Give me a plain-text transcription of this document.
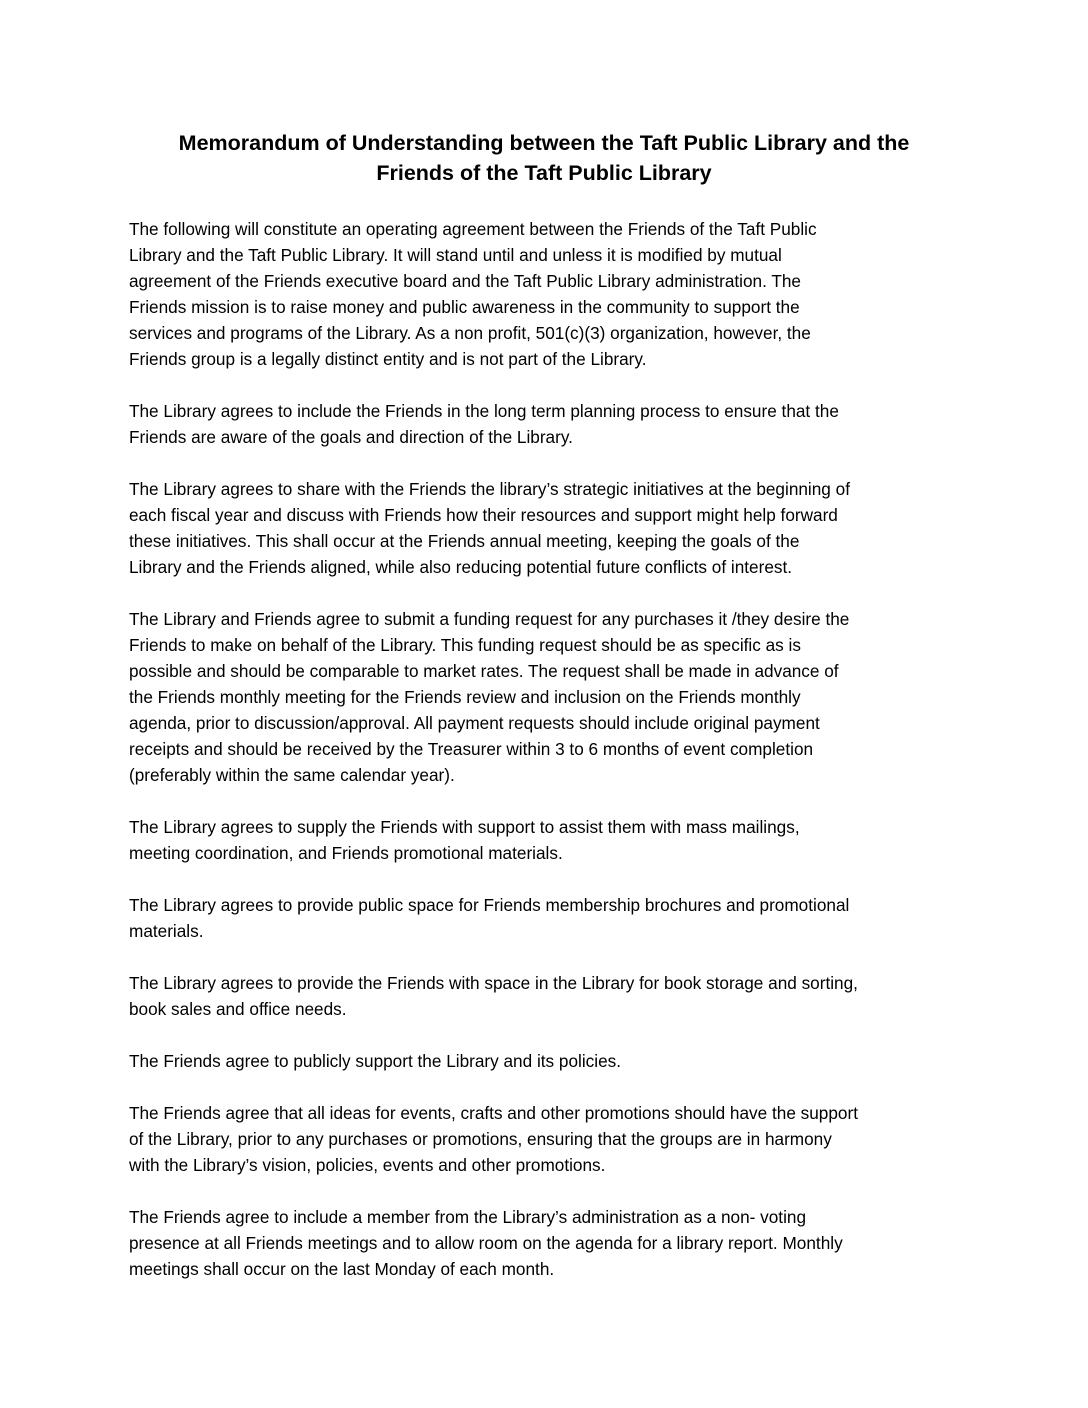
Memorandum of Understanding between the Taft Public Library and the
Friends of the Taft Public Library

The following will constitute an operating agreement between the Friends of the Taft Public
Library and the Taft Public Library. It will stand until and unless it is modified by mutual
agreement of the Friends executive board and the Taft Public Library administration. The
Friends mission is to raise money and public awareness in the community to support the
services and programs of the Library. As a non profit, 501(c)(3) organization, however, the
Friends group is a legally distinct entity and is not part of the Library.

The Library agrees to include the Friends in the long term planning process to ensure that the
Friends are aware of the goals and direction of the Library.

The Library agrees to share with the Friends the library’s strategic initiatives at the beginning of
each fiscal year and discuss with Friends how their resources and support might help forward
these initiatives. This shall occur at the Friends annual meeting, keeping the goals of the
Library and the Friends aligned, while also reducing potential future conflicts of interest.

The Library and Friends agree to submit a funding request for any purchases it /they desire the
Friends to make on behalf of the Library. This funding request should be as specific as is
possible and should be comparable to market rates. The request shall be made in advance of
the Friends monthly meeting for the Friends review and inclusion on the Friends monthly
agenda, prior to discussion/approval. All payment requests should include original payment
receipts and should be received by the Treasurer within 3 to 6 months of event completion
(preferably within the same calendar year).

The Library agrees to supply the Friends with support to assist them with mass mailings,
meeting coordination, and Friends promotional materials.

The Library agrees to provide public space for Friends membership brochures and promotional
materials.

The Library agrees to provide the Friends with space in the Library for book storage and sorting,
book sales and office needs.

The Friends agree to publicly support the Library and its policies.

The Friends agree that all ideas for events, crafts and other promotions should have the support
of the Library, prior to any purchases or promotions, ensuring that the groups are in harmony
with the Library’s vision, policies, events and other promotions.

The Friends agree to include a member from the Library’s administration as a non- voting
presence at all Friends meetings and to allow room on the agenda for a library report. Monthly
meetings shall occur on the last Monday of each month.
